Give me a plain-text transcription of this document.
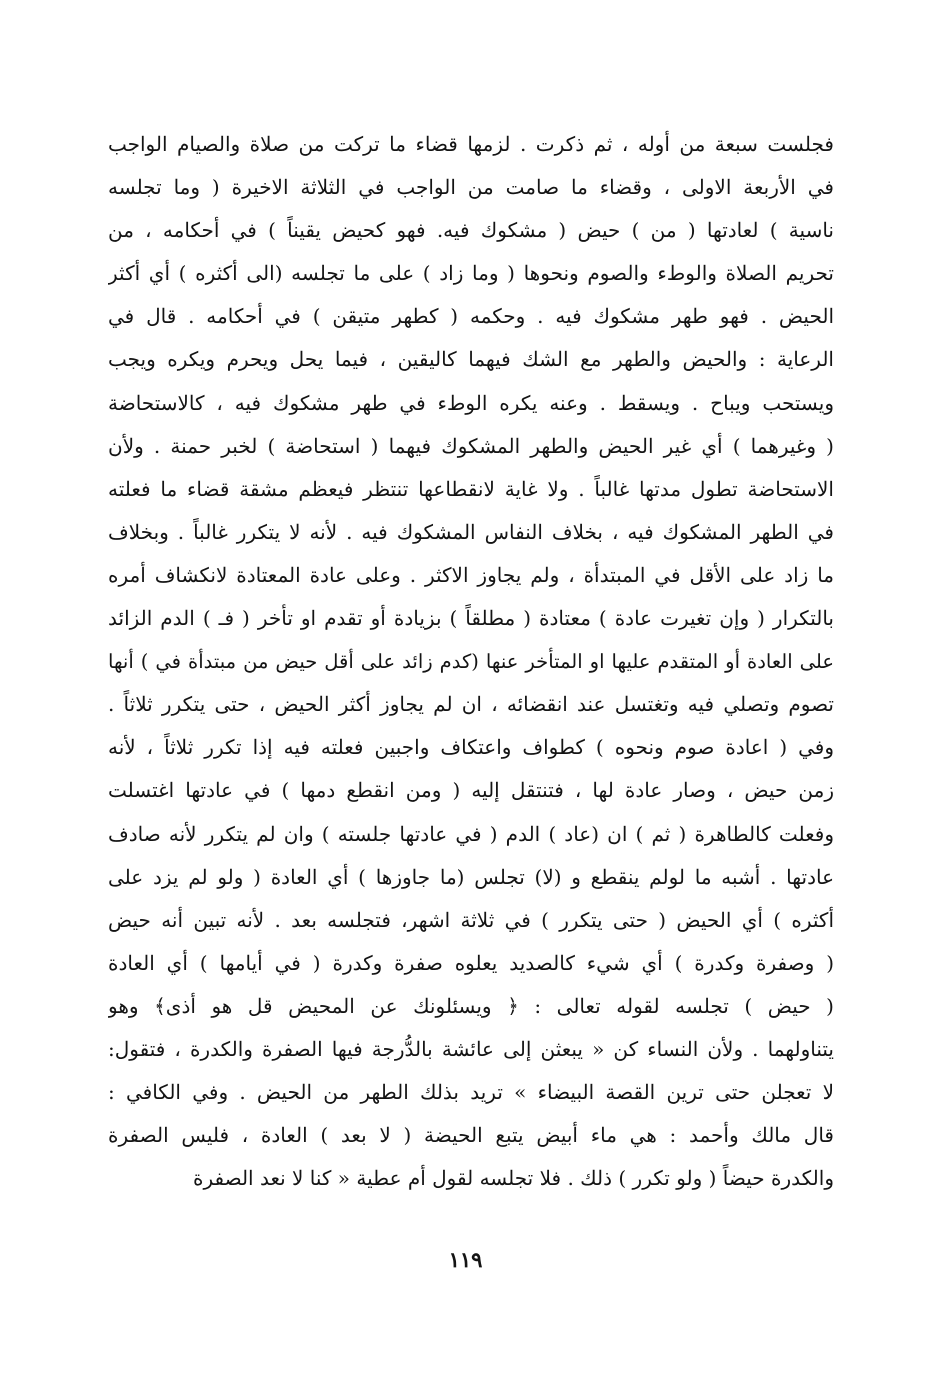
فجلست سبعة من أوله ، ثم ذكرت . لزمها قضاء ما تركت من صلاة والصيام الواجب
في الأربعة الاولى ، وقضاء ما صامت من الواجب في الثلاثة الاخيرة ( وما تجلسه
ناسية ) لعادتها ( من ) حيض ( مشكوك فيه. فهو كحيض يقيناً ) في أحكامه ، من
تحريم الصلاة والوطء والصوم ونحوها ( وما زاد ) على ما تجلسه (الى أكثره ) أي أكثر
الحيض . فهو طهر مشكوك فيه . وحكمه ( كطهر متيقن ) في أحكامه . قال في
الرعاية : والحيض والطهر مع الشك فيهما كاليقين ، فيما يحل ويحرم ويكره ويجب
ويستحب ويباح . ويسقط . وعنه يكره الوطء في طهر مشكوك فيه ، كالاستحاضة
( وغيرهما ) أي غير الحيض والطهر المشكوك فيهما ( استحاضة ) لخبر حمنة . ولأن
الاستحاضة تطول مدتها غالباً . ولا غاية لانقطاعها تنتظر فيعظم مشقة قضاء ما فعلته
في الطهر المشكوك فيه ، بخلاف النفاس المشكوك فيه . لأنه لا يتكرر غالباً . وبخلاف
ما زاد على الأقل في المبتدأة ، ولم يجاوز الاكثر . وعلى عادة المعتادة لانكشاف أمره
بالتكرار ( وإن تغيرت عادة ) معتادة ( مطلقاً ) بزيادة أو تقدم او تأخر ( فـ ) الدم الزائد
على العادة أو المتقدم عليها او المتأخر عنها (كدم زائد على أقل حيض من مبتدأة في ) أنها
تصوم وتصلي فيه وتغتسل عند انقضائه ، ان لم يجاوز أكثر الحيض ، حتى يتكرر ثلاثاً .
وفي ( اعادة صوم ونحوه ) كطواف واعتكاف واجبين فعلته فيه إذا تكرر ثلاثاً ، لأنه
زمن حيض ، وصار عادة لها ، فتنتقل إليه ( ومن انقطع دمها ) في عادتها اغتسلت
وفعلت كالطاهرة ( ثم ) ان (عاد ) الدم ( في عادتها جلسته ) وان لم يتكرر لأنه صادف
عادتها . أشبه ما لولم ينقطع و (لا) تجلس (ما جاوزها ) أي العادة ( ولو لم يزد على
أكثره ) أي الحيض ( حتى يتكرر ) في ثلاثة اشهر، فتجلسه بعد . لأنه تبين أنه حيض
( وصفرة وكدرة ) أي شيء كالصديد يعلوه صفرة وكدرة ( في أيامها ) أي العادة
( حيض ) تجلسه لقوله تعالى : ﴿ ويسئلونك عن المحيض قل هو أذى﴾ وهو
يتناولهما . ولأن النساء كن « يبعثن إلى عائشة بالدُّرجة فيها الصفرة والكدرة ، فتقول:
لا تعجلن حتى ترين القصة البيضاء » تريد بذلك الطهر من الحيض . وفي الكافي :
قال مالك وأحمد : هي ماء أبيض يتبع الحيضة ( لا بعد ) العادة ، فليس الصفرة
والكدرة حيضاً ( ولو تكرر ) ذلك . فلا تجلسه لقول أم عطية « كنا لا نعد الصفرة
١١٩
